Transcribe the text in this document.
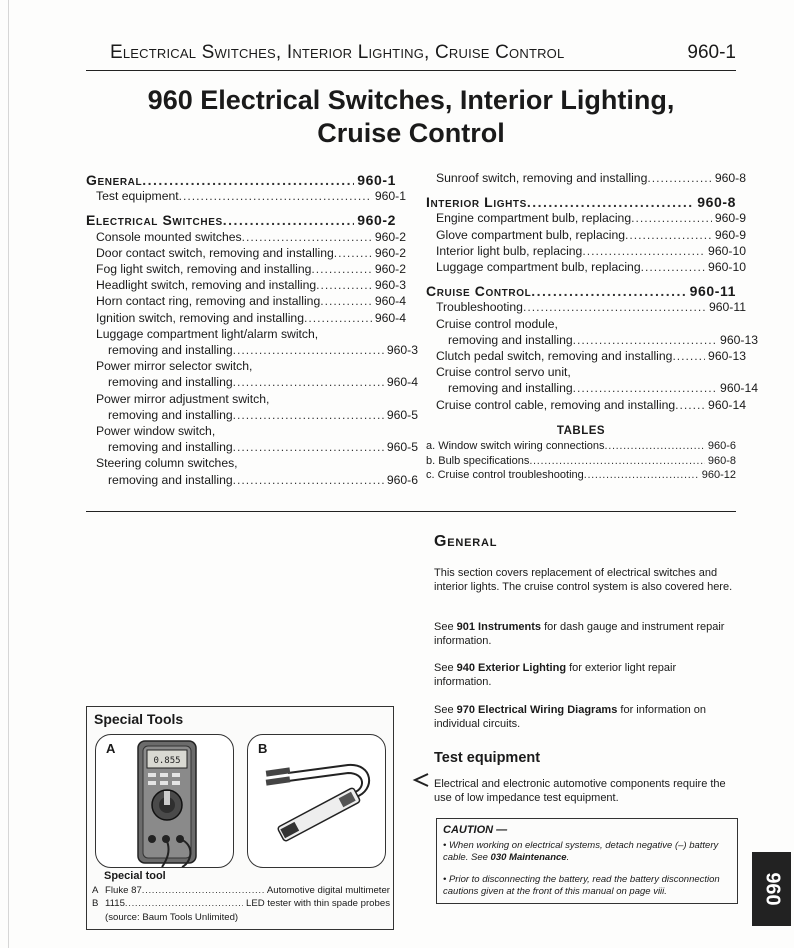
Electrical Switches, Interior Lighting, Cruise Control	960-1
960 Electrical Switches, Interior Lighting,
Cruise Control
General . . .	960-1
Test equipment . . .	960-1
Electrical Switches . . .	960-2
Console mounted switches . . .	960-2
Door contact switch, removing and installing . . .	960-2
Fog light switch, removing and installing . . .	960-2
Headlight switch, removing and installing . . .	960-3
Horn contact ring, removing and installing . . .	960-4
Ignition switch, removing and installing . . .	960-4
Luggage compartment light/alarm switch,
removing and installing . . .	960-3
Power mirror selector switch,
removing and installing . . .	960-4
Power mirror adjustment switch,
removing and installing . . .	960-5
Power window switch,
removing and installing . . .	960-5
Steering column switches,
removing and installing . . .	960-6
Sunroof switch, removing and installing . . .	960-8
Interior Lights . . .	960-8
Engine compartment bulb, replacing . . .	960-9
Glove compartment bulb, replacing . . .	960-9
Interior light bulb, replacing . . .	960-10
Luggage compartment bulb, replacing . . .	960-10
Cruise Control . . .	960-11
Troubleshooting . . .	960-11
Cruise control module,
removing and installing . . .	960-13
Clutch pedal switch, removing and installing . . .	960-13
Cruise control servo unit,
removing and installing . . .	960-14
Cruise control cable, removing and installing . . .	960-14
TABLES
a. Window switch wiring connections . . .	960-6
b. Bulb specifications . . .	960-8
c. Cruise control troubleshooting . . .	960-12
General
This section covers replacement of electrical switches and interior lights. The cruise control system is also covered here.
See 901 Instruments for dash gauge and instrument repair information.
See 940 Exterior Lighting for exterior light repair information.
See 970 Electrical Wiring Diagrams for information on individual circuits.
Test equipment
Electrical and electronic automotive components require the use of low impedance test equipment.
CAUTION —
• When working on electrical systems, detach negative (–) battery cable. See 030 Maintenance.
• Prior to disconnecting the battery, read the battery disconnection cautions given at the front of this manual on page viii.
Special Tools
A
0.855
B
Special tool
A Fluke 87 . . .	Automotive digital multimeter
B 1115 . . .	LED tester with thin spade probes
(source: Baum Tools Unlimited)
960
